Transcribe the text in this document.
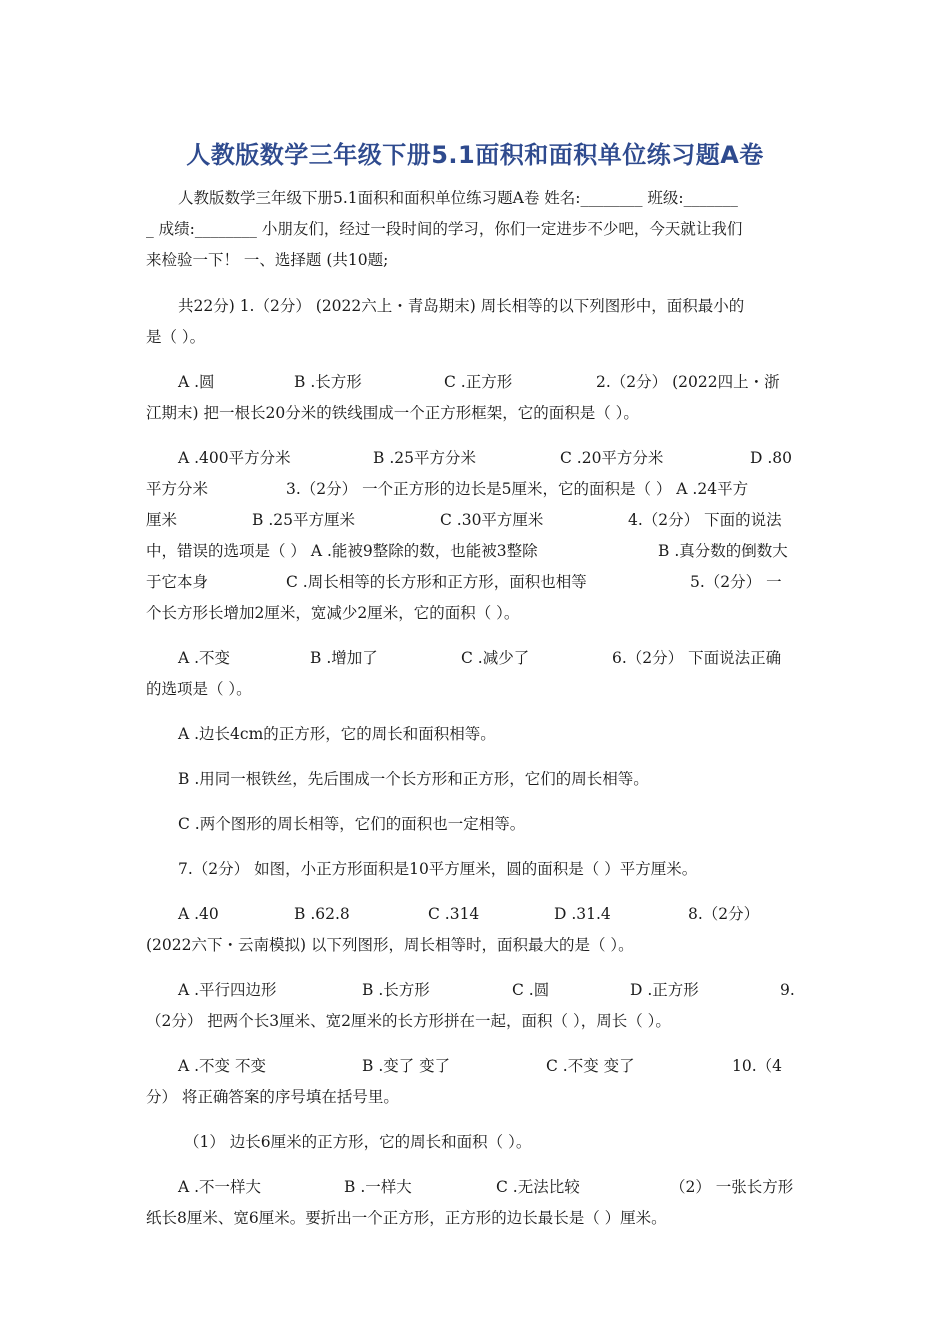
人教版数学三年级下册5.1面积和面积单位练习题A卷
人教版数学三年级下册5.1面积和面积单位练习题A卷 姓名:________ 班级:_______
_ 成绩:________ 小朋友们，经过一段时间的学习，你们一定进步不少吧，今天就让我们
来检验一下！ 一、选择题 (共10题;
共22分) 1.（2分） (2022六上・青岛期末) 周长相等的以下列图形中，面积最小的
是（ ）。
A .圆	B .长方形	C .正方形	2.（2分） (2022四上・浙
江期末) 把一根长20分米的铁线围成一个正方形框架，它的面积是（ ）。
A .400平方分米	B .25平方分米	C .20平方分米	D .80
平方分米	3.（2分） 一个正方形的边长是5厘米，它的面积是（ ） A .24平方
厘米	B .25平方厘米	C .30平方厘米	4.（2分） 下面的说法
中，错误的选项是（ ） A .能被9整除的数，也能被3整除	B .真分数的倒数大
于它本身	C .周长相等的长方形和正方形，面积也相等	5.（2分） 一
个长方形长增加2厘米，宽减少2厘米，它的面积（ ）。
A .不变	B .增加了	C .减少了	6.（2分） 下面说法正确
的选项是（ ）。
A .边长4cm的正方形，它的周长和面积相等。
B .用同一根铁丝，先后围成一个长方形和正方形，它们的周长相等。
C .两个图形的周长相等，它们的面积也一定相等。
7.（2分） 如图，小正方形面积是10平方厘米，圆的面积是（ ）平方厘米。
A .40	B .62.8	C .314	D .31.4	8.（2分）
(2022六下・云南模拟) 以下列图形，周长相等时，面积最大的是（ ）。
A .平行四边形	B .长方形	C .圆	D .正方形	9.
（2分） 把两个长3厘米、宽2厘米的长方形拼在一起，面积（ ），周长（ ）。
A .不变 不变	B .变了 变了	C .不变 变了	10.（4
分） 将正确答案的序号填在括号里。
（1） 边长6厘米的正方形，它的周长和面积（ ）。
A .不一样大	B .一样大	C .无法比较	（2） 一张长方形
纸长8厘米、宽6厘米。要折出一个正方形，正方形的边长最长是（ ）厘米。
